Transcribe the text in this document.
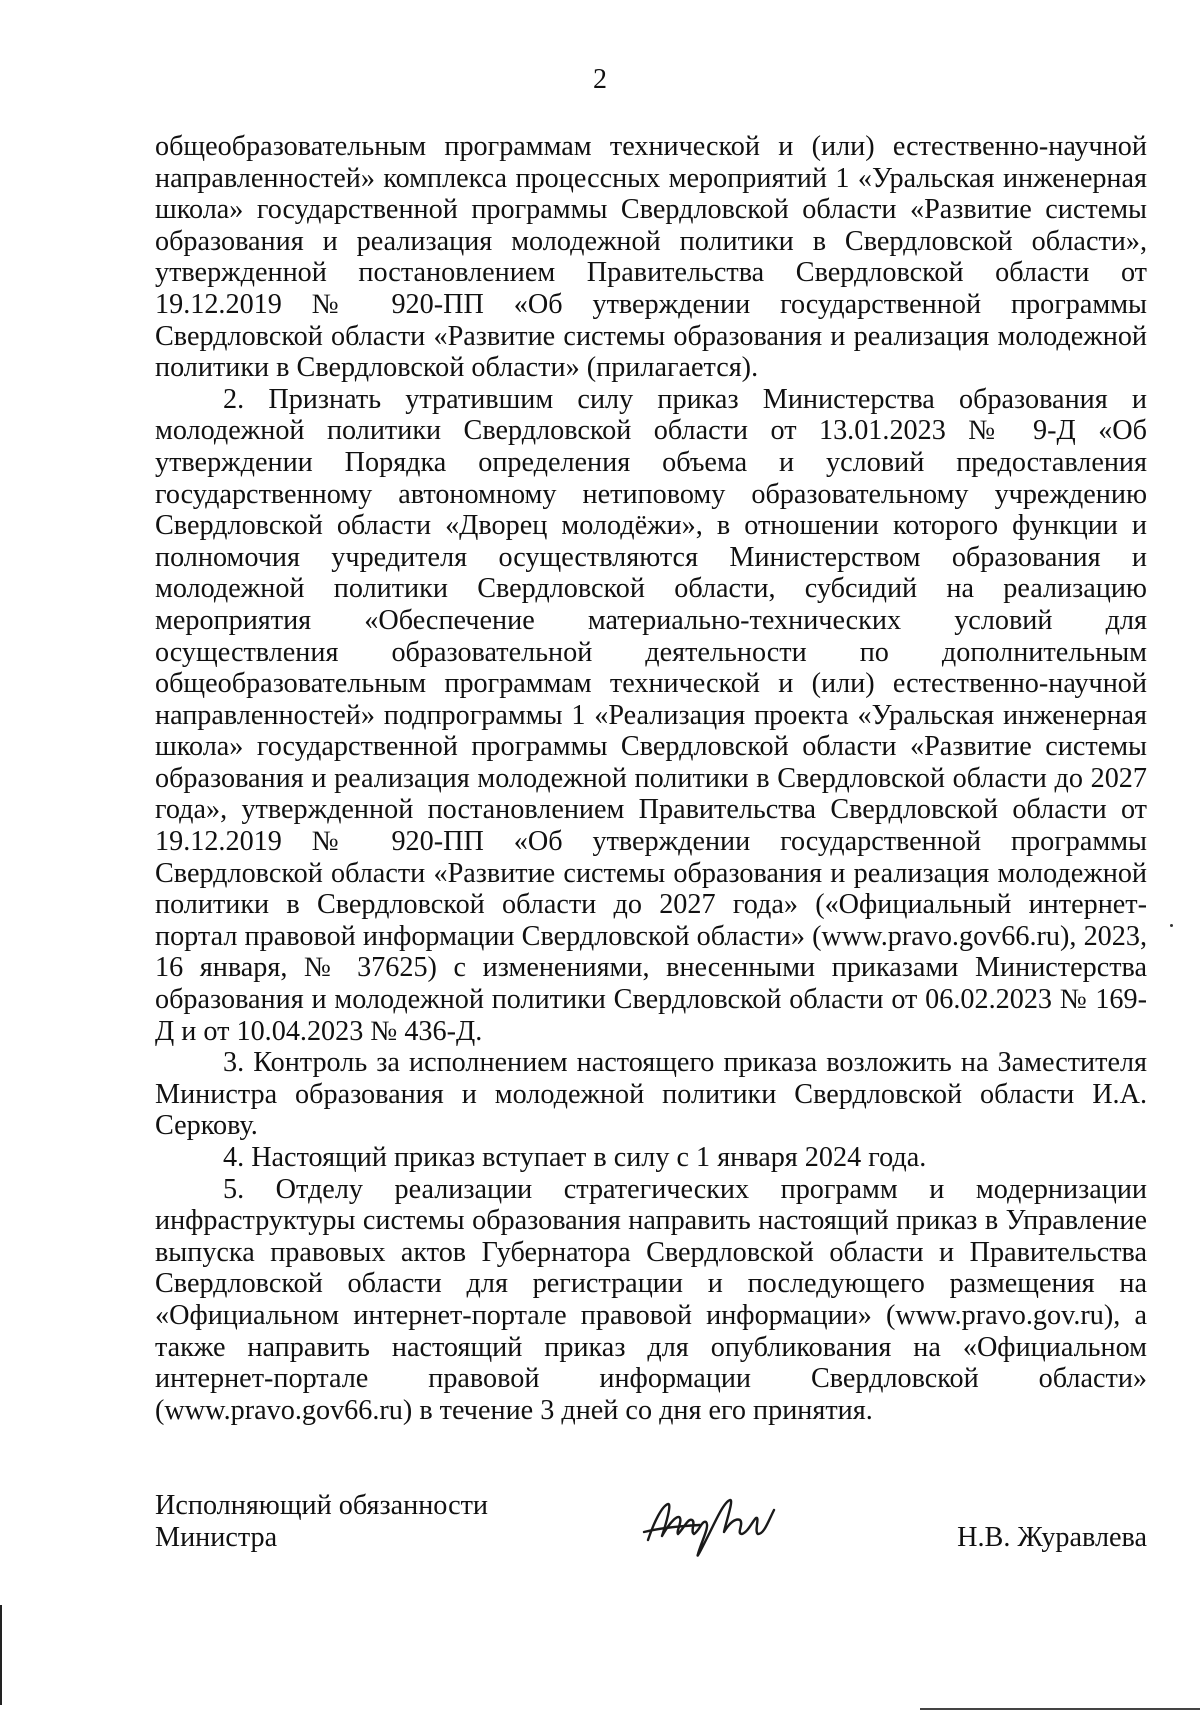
2

общеобразовательным программам технической и (или) естественно-научной направленностей» комплекса процессных мероприятий 1 «Уральская инженерная школа» государственной программы Свердловской области «Развитие системы образования и реализация молодежной политики в Свердловской области», утвержденной постановлением Правительства Свердловской области от 19.12.2019 № 920-ПП «Об утверждении государственной программы Свердловской области «Развитие системы образования и реализация молодежной политики в Свердловской области» (прилагается).

2. Признать утратившим силу приказ Министерства образования и молодежной политики Свердловской области от 13.01.2023 № 9-Д «Об утверждении Порядка определения объема и условий предоставления государственному автономному нетиповому образовательному учреждению Свердловской области «Дворец молодёжи», в отношении которого функции и полномочия учредителя осуществляются Министерством образования и молодежной политики Свердловской области, субсидий на реализацию мероприятия «Обеспечение материально-технических условий для осуществления образовательной деятельности по дополнительным общеобразовательным программам технической и (или) естественно-научной направленностей» подпрограммы 1 «Реализация проекта «Уральская инженерная школа» государственной программы Свердловской области «Развитие системы образования и реализация молодежной политики в Свердловской области до 2027 года», утвержденной постановлением Правительства Свердловской области от 19.12.2019 № 920-ПП «Об утверждении государственной программы Свердловской области «Развитие системы образования и реализация молодежной политики в Свердловской области до 2027 года» («Официальный интернет-портал правовой информации Свердловской области» (www.pravo.gov66.ru), 2023, 16 января, № 37625) с изменениями, внесенными приказами Министерства образования и молодежной политики Свердловской области от 06.02.2023 № 169-Д и от 10.04.2023 № 436-Д.

3. Контроль за исполнением настоящего приказа возложить на Заместителя Министра образования и молодежной политики Свердловской области И.А. Серкову.

4. Настоящий приказ вступает в силу с 1 января 2024 года.

5. Отделу реализации стратегических программ и модернизации инфраструктуры системы образования направить настоящий приказ в Управление выпуска правовых актов Губернатора Свердловской области и Правительства Свердловской области для регистрации и последующего размещения на «Официальном интернет-портале правовой информации» (www.pravo.gov.ru), а также направить настоящий приказ для опубликования на «Официальном интернет-портале правовой информации Свердловской области» (www.pravo.gov66.ru) в течение 3 дней со дня его принятия.

Исполняющий обязанности
Министра	Н.В. Журавлева
